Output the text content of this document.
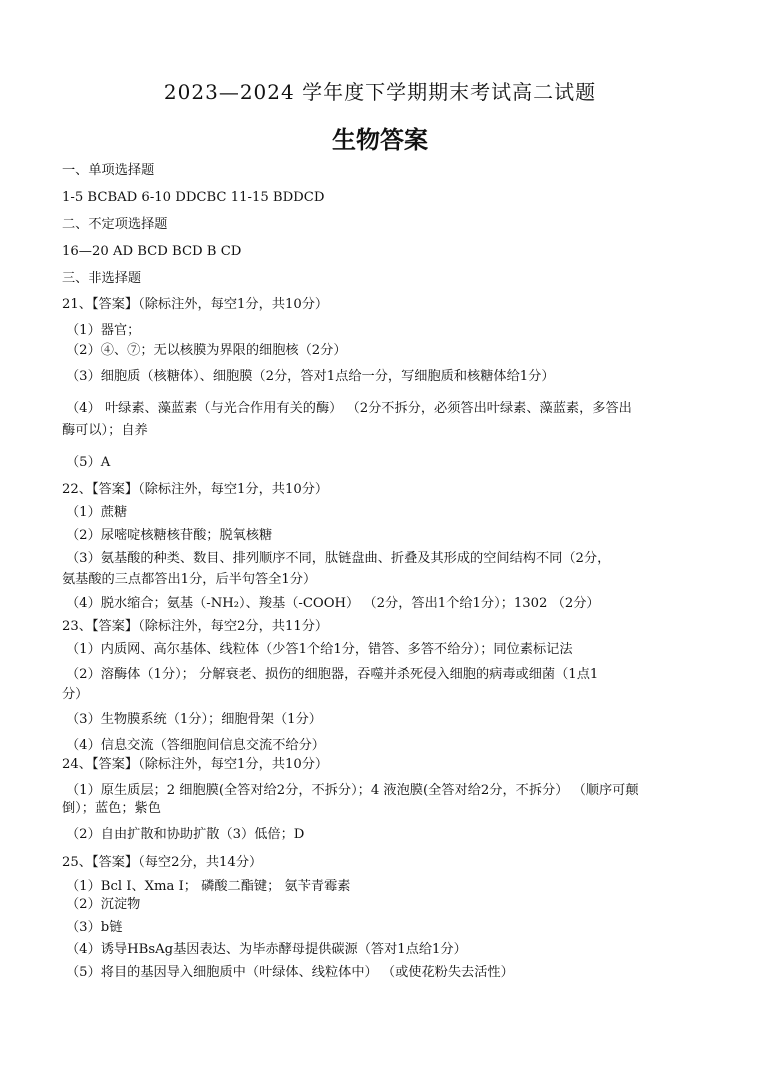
2023—2024 学年度下学期期末考试高二试题
生物答案
一、单项选择题
1-5 BCBAD 6-10 DDCBC 11-15 BDDCD
二、不定项选择题
16—20 AD BCD BCD B CD
三、非选择题
21、【答案】（除标注外，每空1分，共10分）
（1）器官；
（2）④、⑦；无以核膜为界限的细胞核（2分）
（3）细胞质（核糖体）、细胞膜（2分，答对1点给一分，写细胞质和核糖体给1分）
（4） 叶绿素、藻蓝素（与光合作用有关的酶） （2分不拆分，必须答出叶绿素、藻蓝素，多答出
酶可以）；自养
（5）A
22、【答案】（除标注外，每空1分，共10分）
（1）蔗糖
（2）尿嘧啶核糖核苷酸；脱氧核糖
（3）氨基酸的种类、数目、排列顺序不同，肽链盘曲、折叠及其形成的空间结构不同（2分，
氨基酸的三点都答出1分，后半句答全1分）
（4）脱水缩合；氨基（-NH₂）、羧基（-COOH） （2分，答出1个给1分）；1302 （2分）
23、【答案】（除标注外，每空2分，共11分）
（1）内质网、高尔基体、线粒体（少答1个给1分，错答、多答不给分）；同位素标记法
（2）溶酶体（1分）； 分解衰老、损伤的细胞器，吞噬并杀死侵入细胞的病毒或细菌（1点1
分）
（3）生物膜系统（1分）；细胞骨架（1分）
（4）信息交流（答细胞间信息交流不给分）
24、【答案】（除标注外，每空1分，共10分）
（1）原生质层；2 细胞膜(全答对给2分，不拆分）；4 液泡膜(全答对给2分，不拆分） （顺序可颠
倒）；蓝色；紫色
（2）自由扩散和协助扩散（3）低倍；D
25、【答案】（每空2分，共14分）
（1）Bcl Ⅰ、Xma Ⅰ； 磷酸二酯键； 氨苄青霉素
（2）沉淀物
（3）b链
（4）诱导HBsAg基因表达、为毕赤酵母提供碳源（答对1点给1分）
（5）将目的基因导入细胞质中（叶绿体、线粒体中） （或使花粉失去活性）
